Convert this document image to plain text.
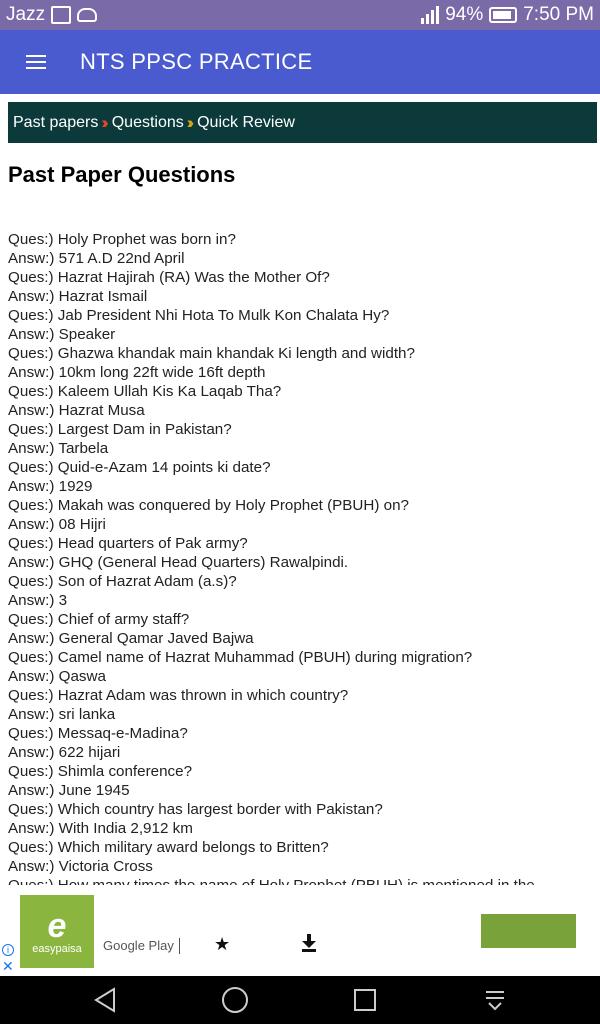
Jazz	94% 7:50 PM
NTS PPSC PRACTICE
Past papers ›› Questions ›› Quick Review
Past Paper Questions
Ques:) Holy Prophet was born in?
Answ:) 571 A.D 22nd April
Ques:) Hazrat Hajirah (RA) Was the Mother Of?
Answ:) Hazrat Ismail
Ques:) Jab President Nhi Hota To Mulk Kon Chalata Hy?
Answ:) Speaker
Ques:) Ghazwa khandak main khandak Ki length and width?
Answ:) 10km long 22ft wide 16ft depth
Ques:) Kaleem Ullah Kis Ka Laqab Tha?
Answ:) Hazrat Musa
Ques:) Largest Dam in Pakistan?
Answ:) Tarbela
Ques:) Quid-e-Azam 14 points ki date?
Answ:) 1929
Ques:) Makah was conquered by Holy Prophet (PBUH) on?
Answ:) 08 Hijri
Ques:) Head quarters of Pak army?
Answ:) GHQ (General Head Quarters) Rawalpindi.
Ques:) Son of Hazrat Adam (a.s)?
Answ:) 3
Ques:) Chief of army staff?
Answ:) General Qamar Javed Bajwa
Ques:) Camel name of Hazrat Muhammad (PBUH) during migration?
Answ:) Qaswa
Ques:) Hazrat Adam was thrown in which country?
Answ:) sri lanka
Ques:) Messaq-e-Madina?
Answ:) 622 hijari
Ques:) Shimla conference?
Answ:) June 1945
Ques:) Which country has largest border with Pakistan?
Answ:) With India 2,912 km
Ques:) Which military award belongs to Britten?
Answ:) Victoria Cross
e
easypaisa Google Play ★
i
✕
